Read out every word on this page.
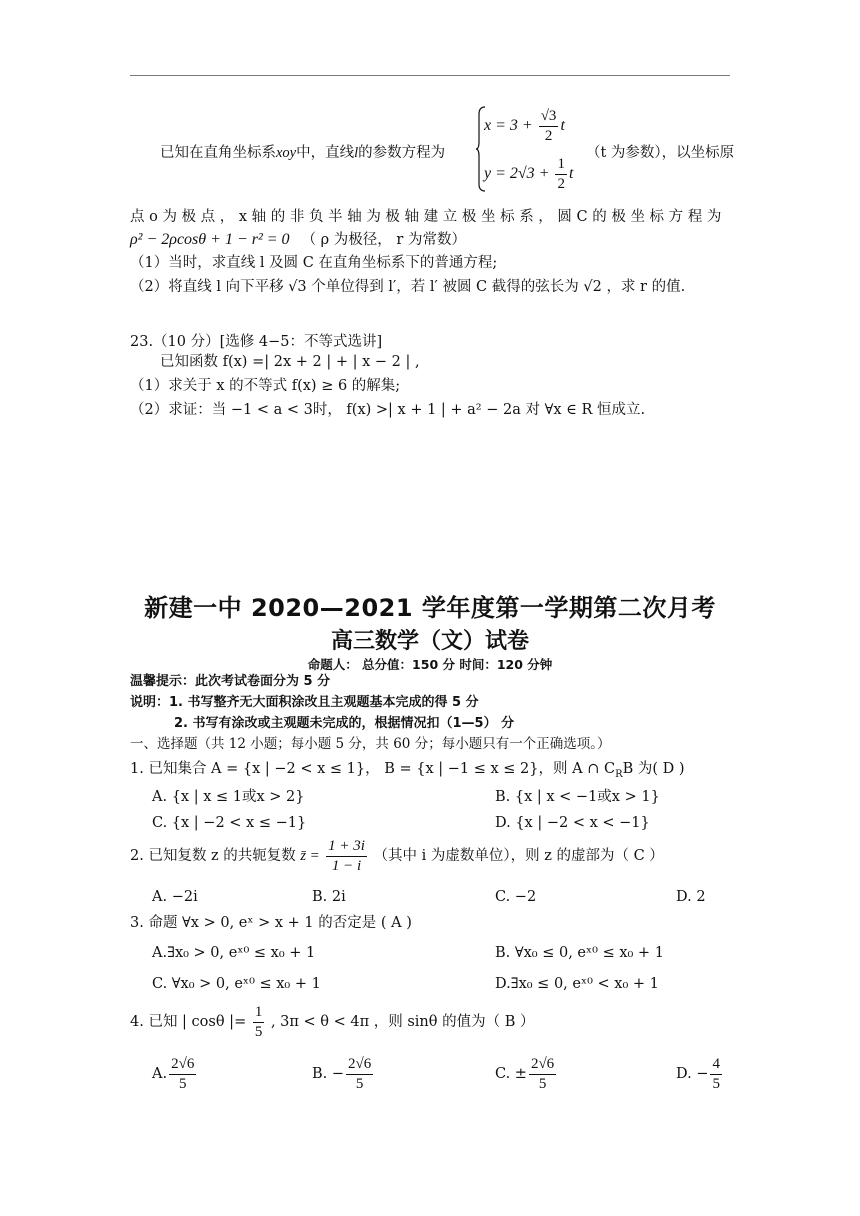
已知在直角坐标系xoy中，直线l的参数方程为
$x = 3 + \frac{√3}{2}$ t
$y = 2√3 + \frac{1}{2}$ t
（t 为参数），以坐标原
点 o 为 极 点 ， x 轴 的 非 负 半 轴 为 极 轴 建 立 极 坐 标 系 ， 圆 C 的 极 坐 标 方 程 为
ρ² − 2ρcosθ + 1 − r² = 0 （ ρ 为极径， r 为常数）
（1）当时，求直线 l 及圆 C 在直角坐标系下的普通方程;
（2）将直线 l 向下平移 √3 个单位得到 l′，若 l′ 被圆 C 截得的弦长为 √2 ，求 r 的值.
23.（10 分）[选修 4−5：不等式选讲]
已知函数 f(x) =| 2x + 2 | + | x − 2 | ,
（1）求关于 x 的不等式 f(x) ≥ 6 的解集;
（2）求证：当 −1 < a < 3时， f(x) >| x + 1 | + a² − 2a 对 ∀x ∈ R 恒成立.
新建一中 2020—2021 学年度第一学期第二次月考
高三数学（文）试卷
命题人： 总分值：150 分 时间：120 分钟
温馨提示：此次考试卷面分为 5 分
说明：1. 书写整齐无大面积涂改且主观题基本完成的得 5 分
2. 书写有涂改或主观题未完成的，根据情况扣（1—5） 分
一、选择题（共 12 小题；每小题 5 分，共 60 分；每小题只有一个正确选项。）
1. 已知集合 A = {x | −2 < x ≤ 1}， B = {x | −1 ≤ x ≤ 2}，则 A ∩ $C_RB$ 为( D )
A. {x | x ≤ 1或x > 2}	B. {x | x < −1或x > 1}
C. {x | −2 < x ≤ −1}	D. {x | −2 < x < −1}
2. 已知复数 z 的共轭复数 z̄ = $\frac{1 + 3i}{1 - i}$ （其中 i 为虚数单位），则 z 的虚部为（ C ）
A. −2i	B. 2i	C. −2	D. 2
3. 命题 ∀x > 0, eˣ > x + 1 的否定是 ( A )
A.∃x₀ > 0, eˣ⁰ ≤ x₀ + 1	B. ∀x₀ ≤ 0, eˣ⁰ ≤ x₀ + 1
C. ∀x₀ > 0, eˣ⁰ ≤ x₀ + 1	D.∃x₀ ≤ 0, eˣ⁰ < x₀ + 1
4. 已知 | cosθ |= $\frac{1}{5}$ , 3π < θ < 4π ，则 sinθ 的值为（ B ）
A. $\frac{2√6}{5}$	B. − $\frac{2√6}{5}$	C. ± $\frac{2√6}{5}$	D. − $\frac{4}{5}$
